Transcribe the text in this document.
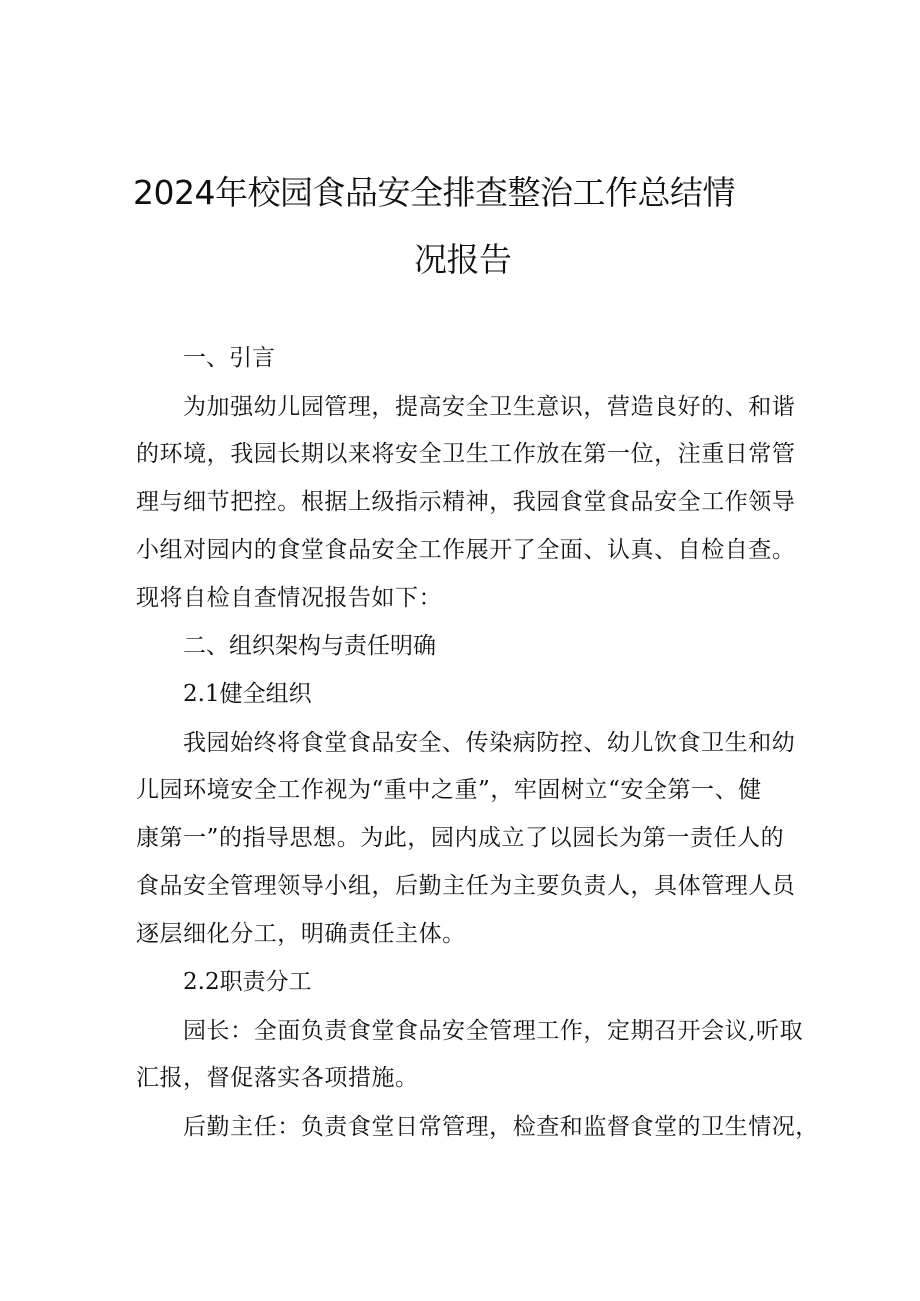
2024年校园食品安全排查整治工作总结情
况报告
一、引言
为加强幼儿园管理，提高安全卫生意识，营造良好的、和谐
的环境，我园长期以来将安全卫生工作放在第一位，注重日常管
理与细节把控。根据上级指示精神，我园食堂食品安全工作领导
小组对园内的食堂食品安全工作展开了全面、认真、自检自查。
现将自检自查情况报告如下：
二、组织架构与责任明确
2.1健全组织
我园始终将食堂食品安全、传染病防控、幼儿饮食卫生和幼
儿园环境安全工作视为“重中之重”，牢固树立“安全第一、健
康第一”的指导思想。为此，园内成立了以园长为第一责任人的
食品安全管理领导小组，后勤主任为主要负责人，具体管理人员
逐层细化分工，明确责任主体。
2.2职责分工
园长：全面负责食堂食品安全管理工作，定期召开会议,听取
汇报，督促落实各项措施。
后勤主任：负责食堂日常管理，检查和监督食堂的卫生情况，
